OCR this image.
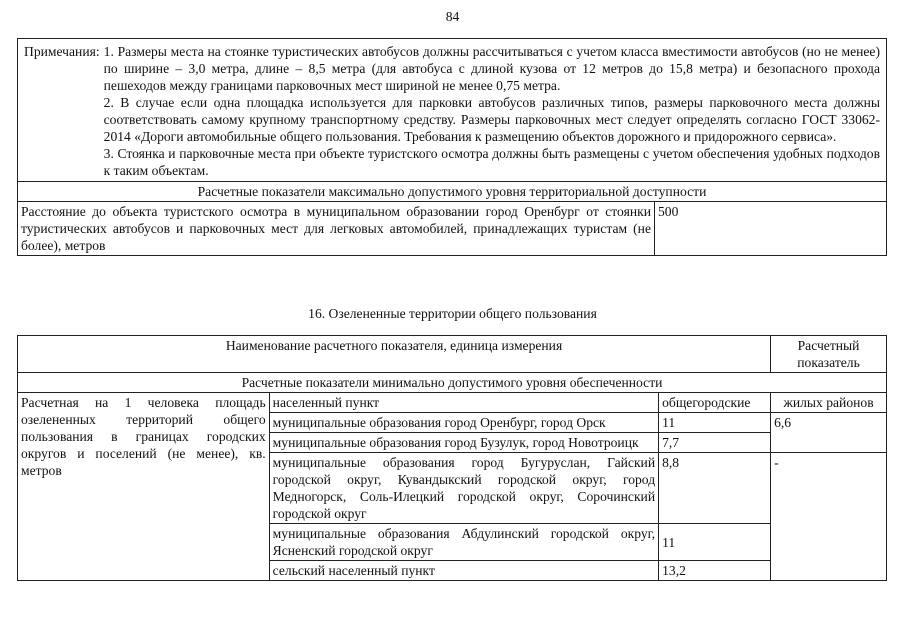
84
Примечания: 1. Размеры места на стоянке туристических автобусов должны рассчитываться с учетом класса вместимости автобусов (но не менее) по ширине – 3,0 метра, длине – 8,5 метра (для автобуса с длиной кузова от 12 метров до 15,8 метра) и безопасного прохода пешеходов между границами парковочных мест шириной не менее 0,75 метра.

2. В случае если одна площадка используется для парковки автобусов различных типов, размеры парковочного места должны соответствовать самому крупному транспортному средству. Размеры парковочных мест следует определять согласно ГОСТ 33062-2014 «Дороги автомобильные общего пользования. Требования к размещению объектов дорожного и придорожного сервиса».

3. Стоянка и парковочные места при объекте туристского осмотра должны быть размещены с учетом обеспечения удобных подходов к таким объектам.

Расчетные показатели максимально допустимого уровня территориальной доступности
Расстояние до объекта туристского осмотра в муниципальном образовании город Оренбург от стоянки туристических автобусов и парковочных мест для легковых автомобилей, принадлежащих туристам (не более), метров	500
16. Озелененные территории общего пользования
Наименование расчетного показателя, единица измерения			Расчетный показатель
Расчетные показатели минимально допустимого уровня обеспеченности			
Расчетная на 1 человека площадь озелененных территорий общего пользования в границах городских округов и поселений (не менее), кв. метров	населенный пункт	общегородские	жилых районов
	муниципальные образования город Оренбург, город Орск	11	6,6
	муниципальные образования город Бузулук, город Новотроицк	7,7	
	муниципальные образования город Бугуруслан, Гайский городской округ, Кувандыкский городской округ, город Медногорск, Соль-Илецкий городской округ, Сорочинский городской округ	8,8	-
	муниципальные образования Абдулинский городской округ, Ясненский городской округ	11	
	сельский населенный пункт	13,2	
